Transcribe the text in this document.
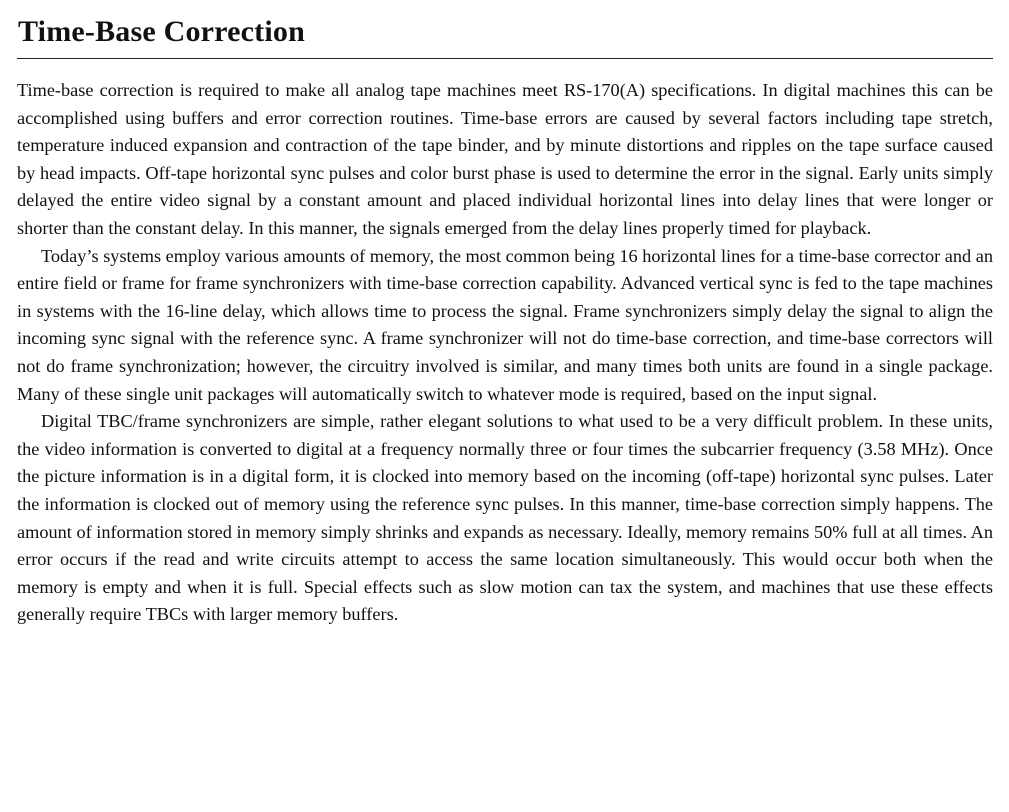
Time-Base Correction

Time-base correction is required to make all analog tape machines meet RS-170(A) specifications. In digital machines this can be accomplished using buffers and error correction routines. Time-base errors are caused by several factors including tape stretch, temperature induced expansion and contraction of the tape binder, and by minute distortions and ripples on the tape surface caused by head impacts. Off-tape horizontal sync pulses and color burst phase is used to determine the error in the signal. Early units simply delayed the entire video signal by a constant amount and placed individual horizontal lines into delay lines that were longer or shorter than the constant delay. In this manner, the signals emerged from the delay lines properly timed for playback.

Today’s systems employ various amounts of memory, the most common being 16 horizontal lines for a time-base corrector and an entire field or frame for frame synchronizers with time-base correction capability. Advanced vertical sync is fed to the tape machines in systems with the 16-line delay, which allows time to process the signal. Frame synchronizers simply delay the signal to align the incoming sync signal with the reference sync. A frame synchronizer will not do time-base correction, and time-base correctors will not do frame synchronization; however, the circuitry involved is similar, and many times both units are found in a single package. Many of these single unit packages will automatically switch to whatever mode is required, based on the input signal.

Digital TBC/frame synchronizers are simple, rather elegant solutions to what used to be a very difficult problem. In these units, the video information is converted to digital at a frequency normally three or four times the subcarrier frequency (3.58 MHz). Once the picture information is in a digital form, it is clocked into memory based on the incoming (off-tape) horizontal sync pulses. Later the information is clocked out of memory using the reference sync pulses. In this manner, time-base correction simply happens. The amount of information stored in memory simply shrinks and expands as necessary. Ideally, memory remains 50% full at all times. An error occurs if the read and write circuits attempt to access the same location simultaneously. This would occur both when the memory is empty and when it is full. Special effects such as slow motion can tax the system, and machines that use these effects generally require TBCs with larger memory buffers.
